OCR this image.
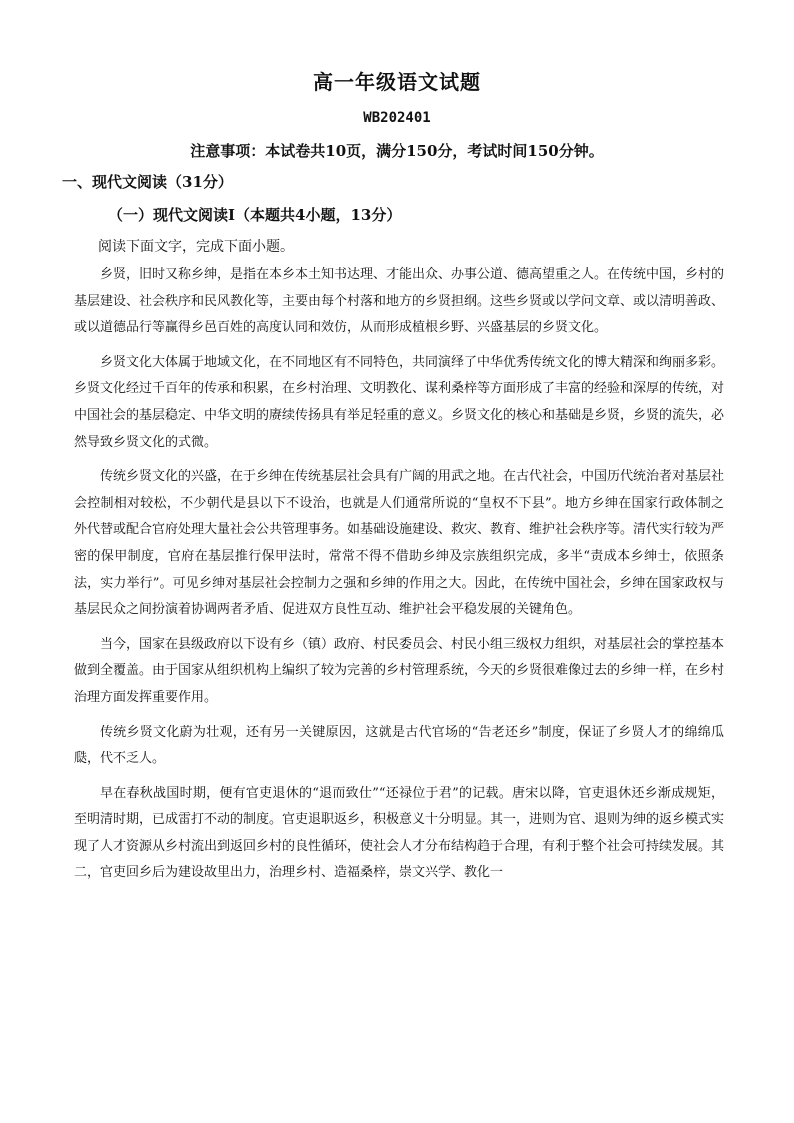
高一年级语文试题
WB202401
注意事项：本试卷共10页，满分150分，考试时间150分钟。
一、现代文阅读（31分）
（一）现代文阅读Ⅰ（本题共4小题，13分）
阅读下面文字，完成下面小题。

乡贤，旧时又称乡绅，是指在本乡本土知书达理、才能出众、办事公道、德高望重之人。在传统中国，乡村的基层建设、社会秩序和民风教化等，主要由每个村落和地方的乡贤担纲。这些乡贤或以学问文章、或以清明善政、或以道德品行等赢得乡邑百姓的高度认同和效仿，从而形成植根乡野、兴盛基层的乡贤文化。

乡贤文化大体属于地域文化，在不同地区有不同特色，共同演绎了中华优秀传统文化的博大精深和绚丽多彩。乡贤文化经过千百年的传承和积累，在乡村治理、文明教化、谋利桑梓等方面形成了丰富的经验和深厚的传统，对中国社会的基层稳定、中华文明的赓续传扬具有举足轻重的意义。乡贤文化的核心和基础是乡贤，乡贤的流失，必然导致乡贤文化的式微。

传统乡贤文化的兴盛，在于乡绅在传统基层社会具有广阔的用武之地。在古代社会，中国历代统治者对基层社会控制相对较松，不少朝代是县以下不设治，也就是人们通常所说的“皇权不下县”。地方乡绅在国家行政体制之外代替或配合官府处理大量社会公共管理事务。如基础设施建设、救灾、教育、维护社会秩序等。清代实行较为严密的保甲制度，官府在基层推行保甲法时，常常不得不借助乡绅及宗族组织完成，多半“责成本乡绅士，依照条法，实力举行”。可见乡绅对基层社会控制力之强和乡绅的作用之大。因此，在传统中国社会，乡绅在国家政权与基层民众之间扮演着协调两者矛盾、促进双方良性互动、维护社会平稳发展的关键角色。

当今，国家在县级政府以下设有乡（镇）政府、村民委员会、村民小组三级权力组织，对基层社会的掌控基本做到全覆盖。由于国家从组织机构上编织了较为完善的乡村管理系统，今天的乡贤很难像过去的乡绅一样，在乡村治理方面发挥重要作用。

传统乡贤文化蔚为壮观，还有另一关键原因，这就是古代官场的“告老还乡”制度，保证了乡贤人才的绵绵瓜瓞，代不乏人。

早在春秋战国时期，便有官吏退休的“退而致仕”“还禄位于君”的记载。唐宋以降，官吏退休还乡渐成规矩，至明清时期，已成雷打不动的制度。官吏退职返乡，积极意义十分明显。其一，进则为官、退则为绅的返乡模式实现了人才资源从乡村流出到返回乡村的良性循环，使社会人才分布结构趋于合理，有利于整个社会可持续发展。其二，官吏回乡后为建设故里出力，治理乡村、造福桑梓，崇文兴学、教化一
